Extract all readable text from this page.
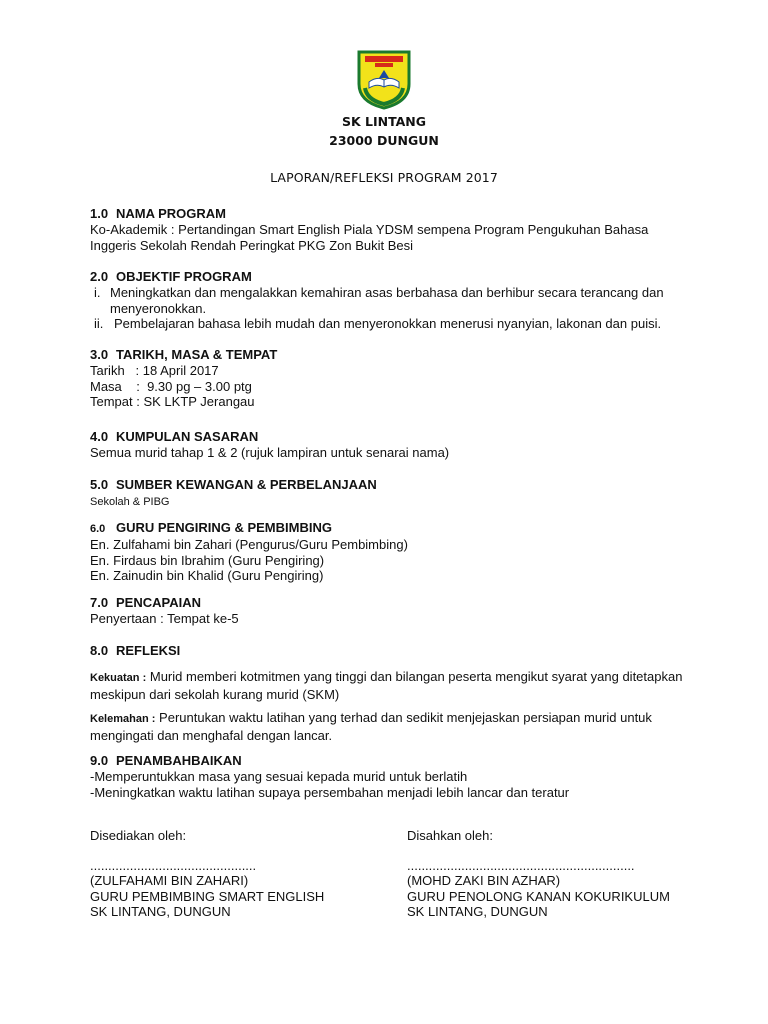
SK LINTANG
23000 DUNGUN
LAPORAN/REFLEKSI PROGRAM 2017

1.0 NAMA PROGRAM

Ko-Akademik : Pertandingan Smart English Piala YDSM sempena Program Pengukuhan Bahasa

Inggeris Sekolah Rendah Peringkat PKG Zon Bukit Besi

2.0 OBJEKTIF PROGRAM

i. Meningkatkan dan mengalakkan kemahiran asas berbahasa dan berhibur secara terancang dan

menyeronokkan.

ii. Pembelajaran bahasa lebih mudah dan menyeronokkan menerusi nyanyian, lakonan dan puisi.

3.0 TARIKH, MASA & TEMPAT

Tarikh   : 18 April 2017

Masa    :  9.30 pg – 3.00 ptg

Tempat : SK LKTP Jerangau

4.0 KUMPULAN SASARAN

Semua murid tahap 1 & 2 (rujuk lampiran untuk senarai nama)

5.0 SUMBER KEWANGAN & PERBELANJAAN

Sekolah & PIBG

6.0 GURU PENGIRING & PEMBIMBING

En. Zulfahami bin Zahari (Pengurus/Guru Pembimbing)

En. Firdaus bin Ibrahim (Guru Pengiring)

En. Zainudin bin Khalid (Guru Pengiring)

7.0 PENCAPAIAN

Penyertaan : Tempat ke-5

8.0 REFLEKSI

Kekuatan : Murid memberi kotmitmen yang tinggi dan bilangan peserta mengikut syarat yang ditetapkan

meskipun dari sekolah kurang murid (SKM)

Kelemahan : Peruntukan waktu latihan yang terhad dan sedikit menjejaskan persiapan murid untuk

mengingati dan menghafal dengan lancar.

9.0 PENAMBAHBAIKAN

-Memperuntukkan masa yang sesuai kepada murid untuk berlatih

-Meningkatkan waktu latihan supaya persembahan menjadi lebih lancar dan teratur

Disediakan oleh:

..............................................

(ZULFAHAMI BIN ZAHARI)

GURU PEMBIMBING SMART ENGLISH

SK LINTANG, DUNGUN

Disahkan oleh:

...............................................................

(MOHD ZAKI BIN AZHAR)

GURU PENOLONG KANAN KOKURIKULUM

SK LINTANG, DUNGUN
